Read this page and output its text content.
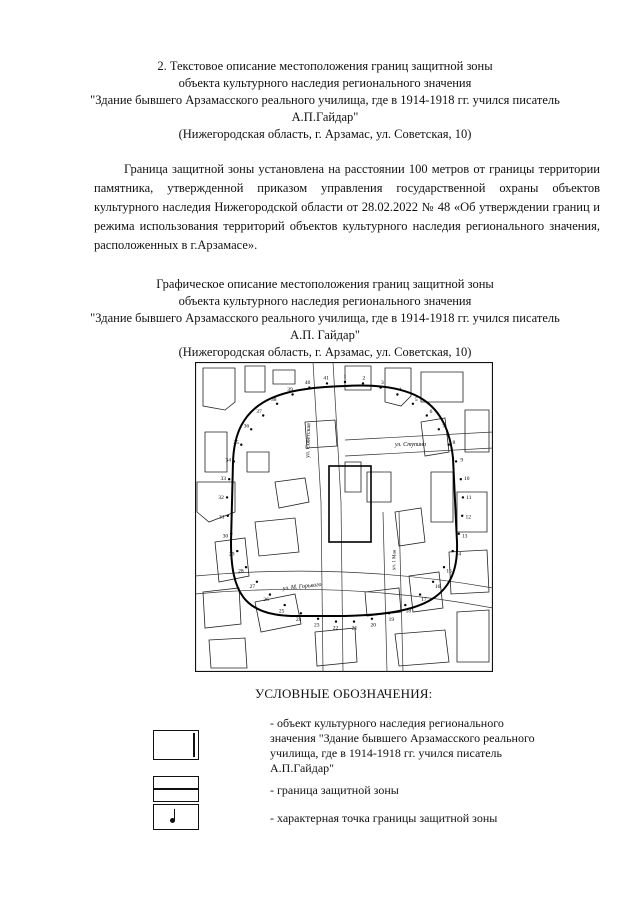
2. Текстовое описание местоположения границ защитной зоны
объекта культурного наследия регионального значения
"Здание бывшего Арзамасского реального училища, где в 1914-1918 гг. учился писатель
А.П.Гайдар"
(Нижегородская область, г. Арзамас, ул. Советская, 10)

Граница защитной зоны установлена на расстоянии 100 метров от границы территории памятника, утвержденной приказом управления государственной охраны объектов культурного наследия Нижегородской области от 28.02.2022 № 48 «Об утверждении границ и режима использования территорий объектов культурного наследия регионального значения, расположенных в г.Арзамасе».

Графическое описание местоположения границ защитной зоны
объекта культурного наследия регионального значения
"Здание бывшего Арзамасского реального училища, где в 1914-1918 гг. учился писатель
А.П. Гайдар"
(Нижегородская область, г. Арзамас, ул. Советская, 10)
ул. Советская	ул. Ступина
ул. М. Горького
ул. 1 Мая
1	2
3
4
5
6
7
8
9
10
11
12
13
14
15
16
17
18
19
20
21
22
23
24
25
26
27
28
29
30
31
32
33
34
35
36
37
38
39
40
41
УСЛОВНЫЕ ОБОЗНАЧЕНИЯ:
- объект культурного наследия регионального
значения "Здание бывшего Арзамасского реального
училища, где в 1914-1918 гг. учился писатель
А.П.Гайдар"
- граница защитной зоны
- характерная точка границы защитной зоны
